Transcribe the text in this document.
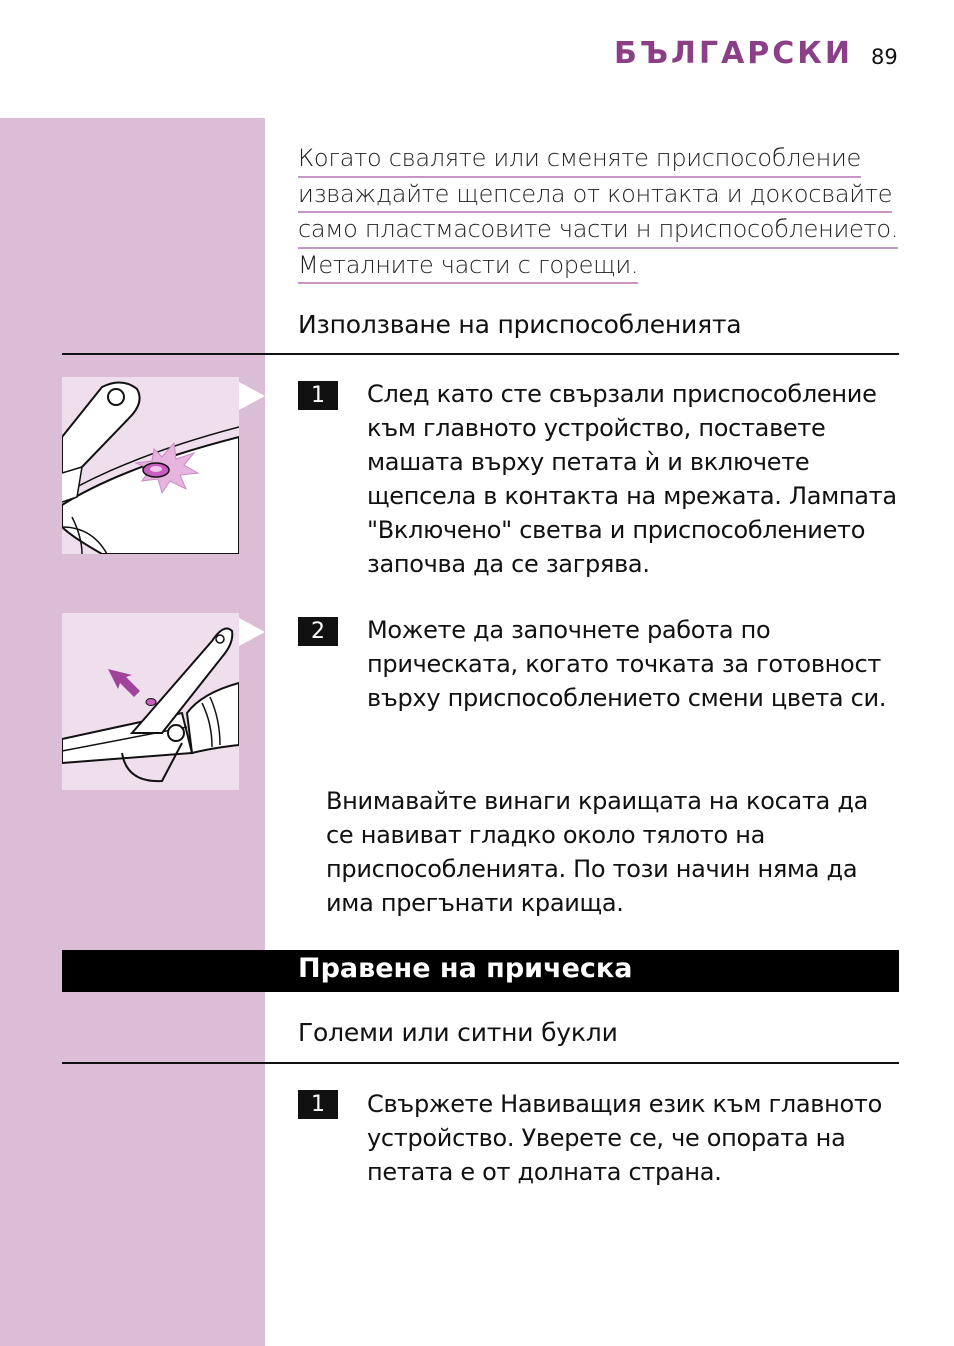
БЪЛГАРСКИ 89
Когато сваляте или сменяте приспособление
изваждайте щепсела от контакта и докосвайте
само пластмасовите части н приспособлението.
Металните части с горещи.
Използване на приспособленията
1	След като сте свързали приспособление към главното устройство, поставете машата върху петата ѝ и включете щепсела в контакта на мрежата. Лампата "Включено" светва и приспособлението започва да се загрява.
2	Можете да започнете работа по прическата, когато точката за готовност върху приспособлението смени цвета си.
Внимавайте винаги краищата на косата да се навиват гладко около тялото на приспособленията. По този начин няма да има прегънати краища.
Правене на прическа
Големи или ситни букли
1	Свържете Навиващия език към главното устройство. Уверете се, че опората на петата е от долната страна.
